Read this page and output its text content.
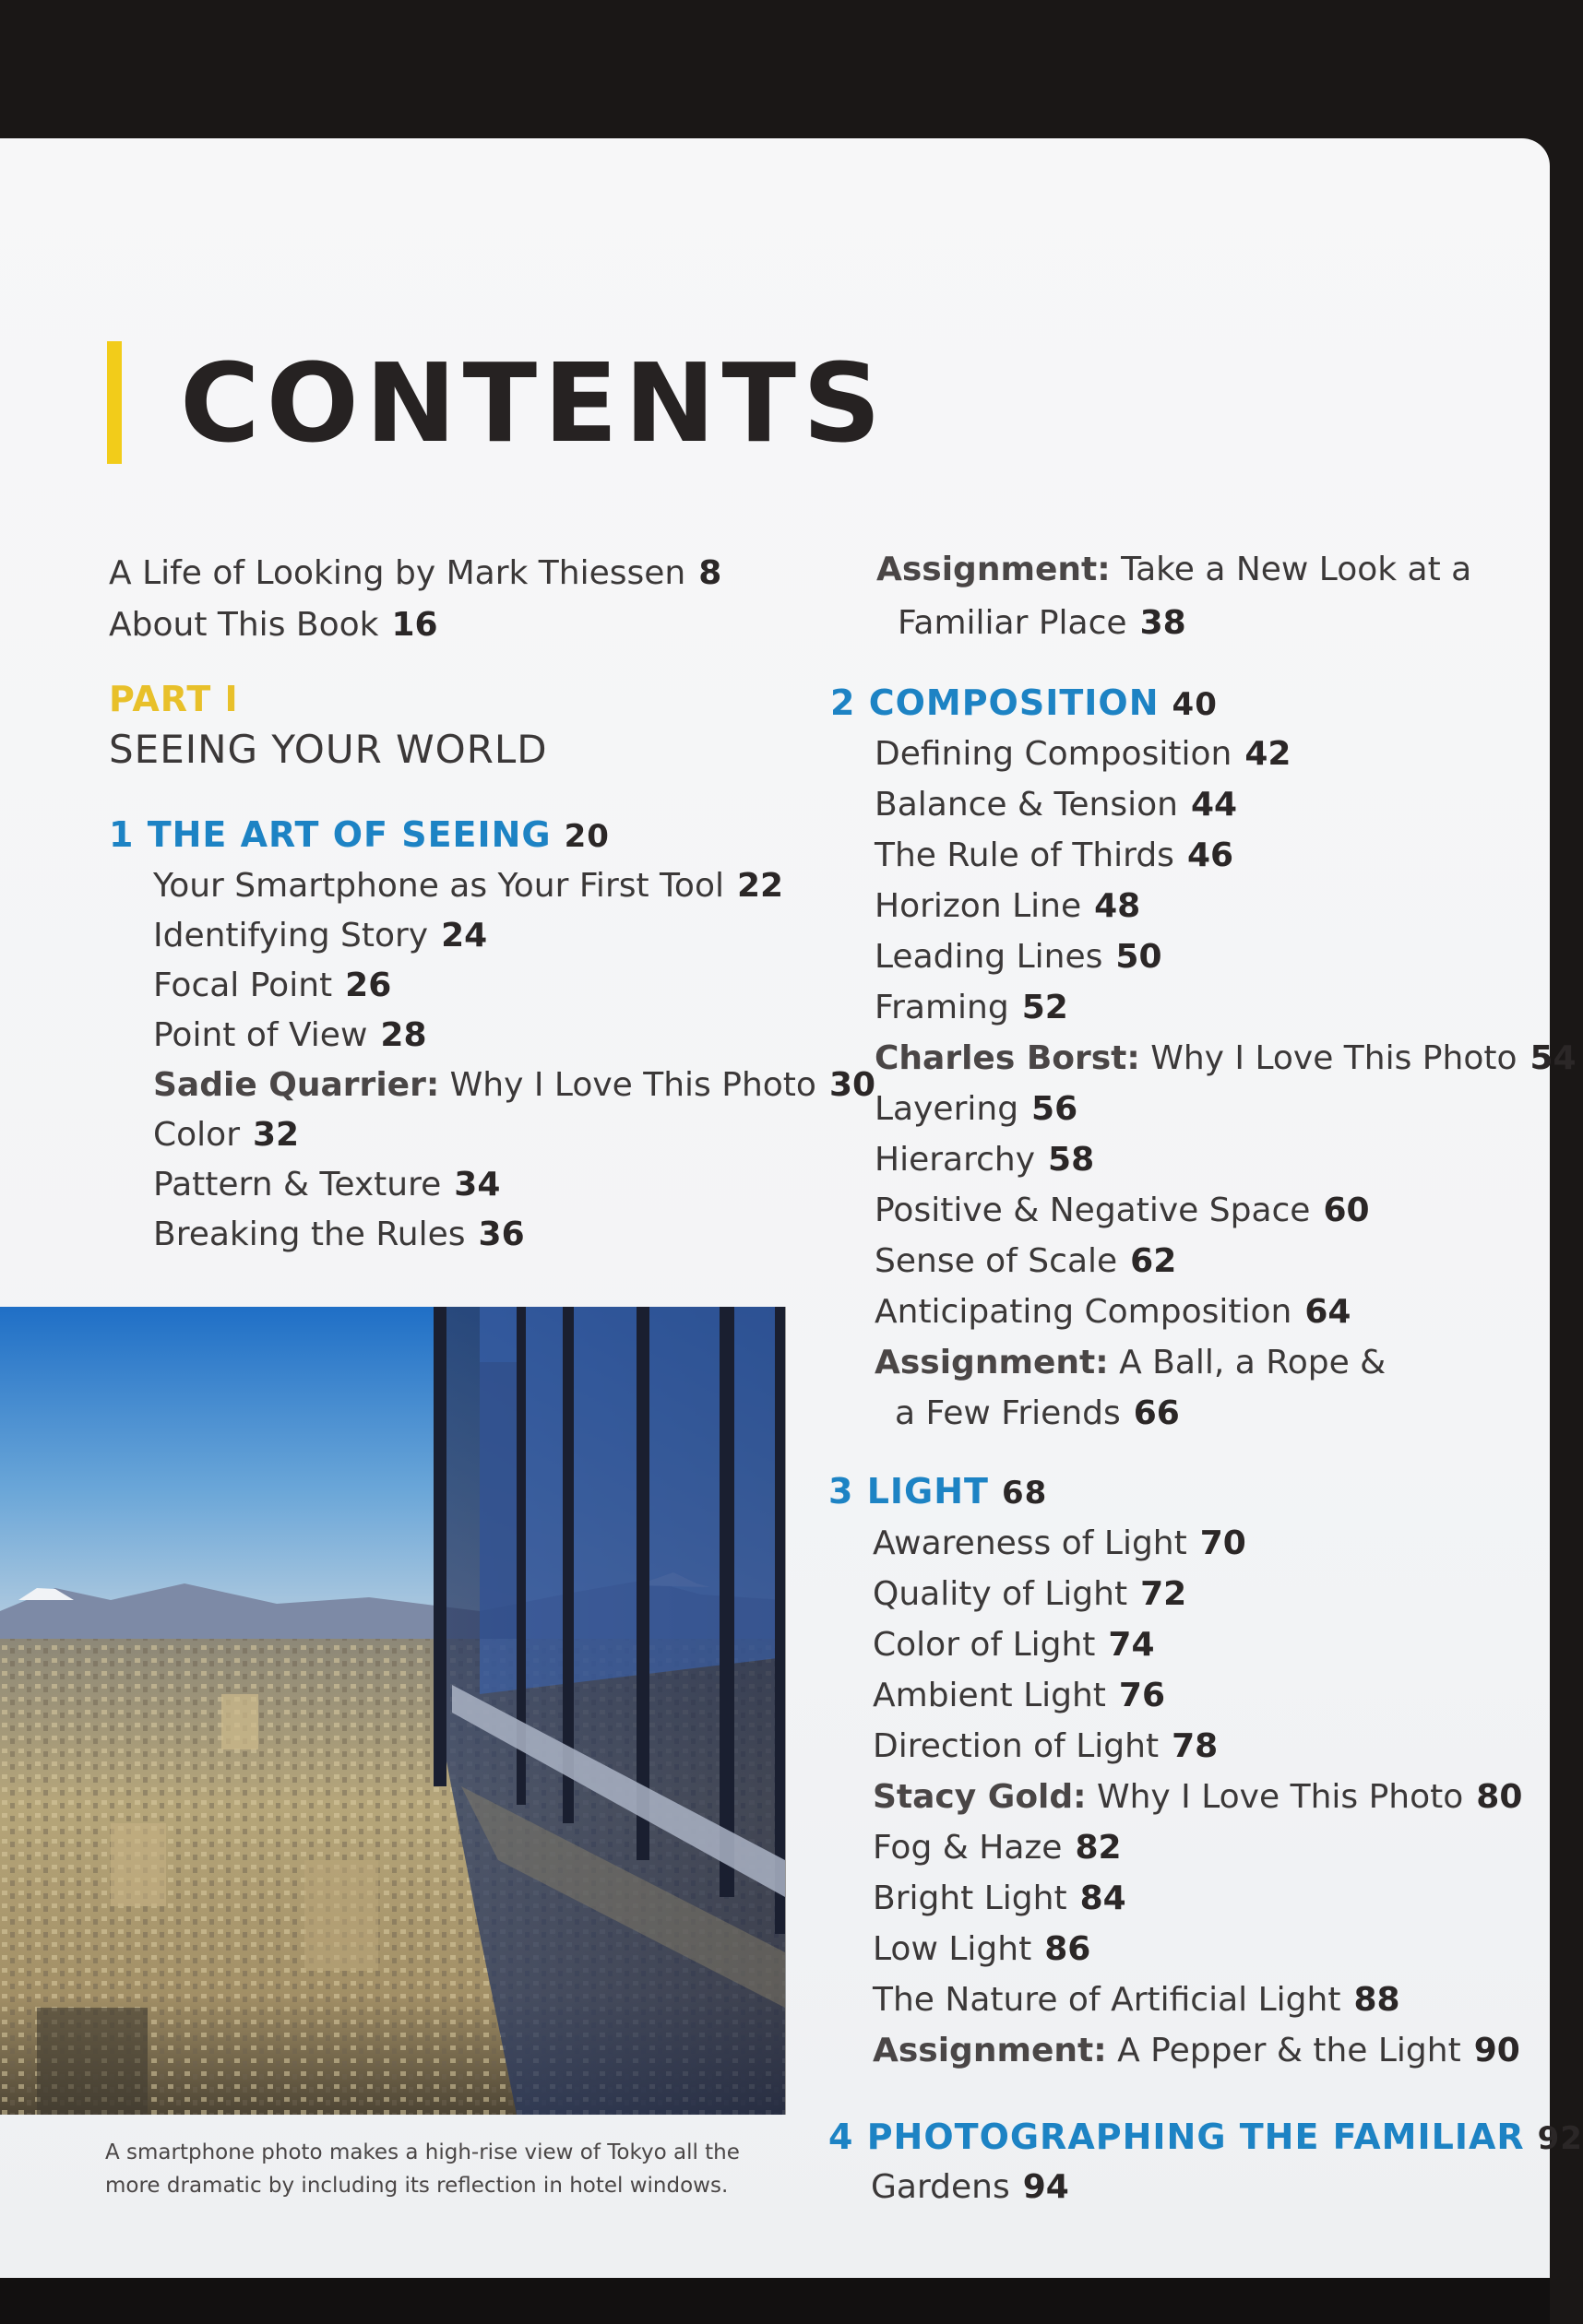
CONTENTS

A Life of Looking by Mark Thiessen 8

About This Book 16

PART I

SEEING YOUR WORLD

1 THE ART OF SEEING 20

Your Smartphone as Your First Tool 22

Identifying Story 24

Focal Point 26

Point of View 28

Sadie Quarrier: Why I Love This Photo 30

Color 32

Pattern & Texture 34

Breaking the Rules 36

Assignment: Take a New Look at a

Familiar Place 38

2 COMPOSITION 40

Defining Composition 42

Balance & Tension 44

The Rule of Thirds 46

Horizon Line 48

Leading Lines 50

Framing 52

Charles Borst: Why I Love This Photo 54

Layering 56

Hierarchy 58

Positive & Negative Space 60

Sense of Scale 62

Anticipating Composition 64

Assignment: A Ball, a Rope &

a Few Friends 66

3 LIGHT 68

Awareness of Light 70

Quality of Light 72

Color of Light 74

Ambient Light 76

Direction of Light 78

Stacy Gold: Why I Love This Photo 80

Fog & Haze 82

Bright Light 84

Low Light 86

The Nature of Artificial Light 88

Assignment: A Pepper & the Light 90

4 PHOTOGRAPHING THE FAMILIAR 92

Gardens 94

A smartphone photo makes a high-rise view of Tokyo all the
more dramatic by including its reflection in hotel windows.
